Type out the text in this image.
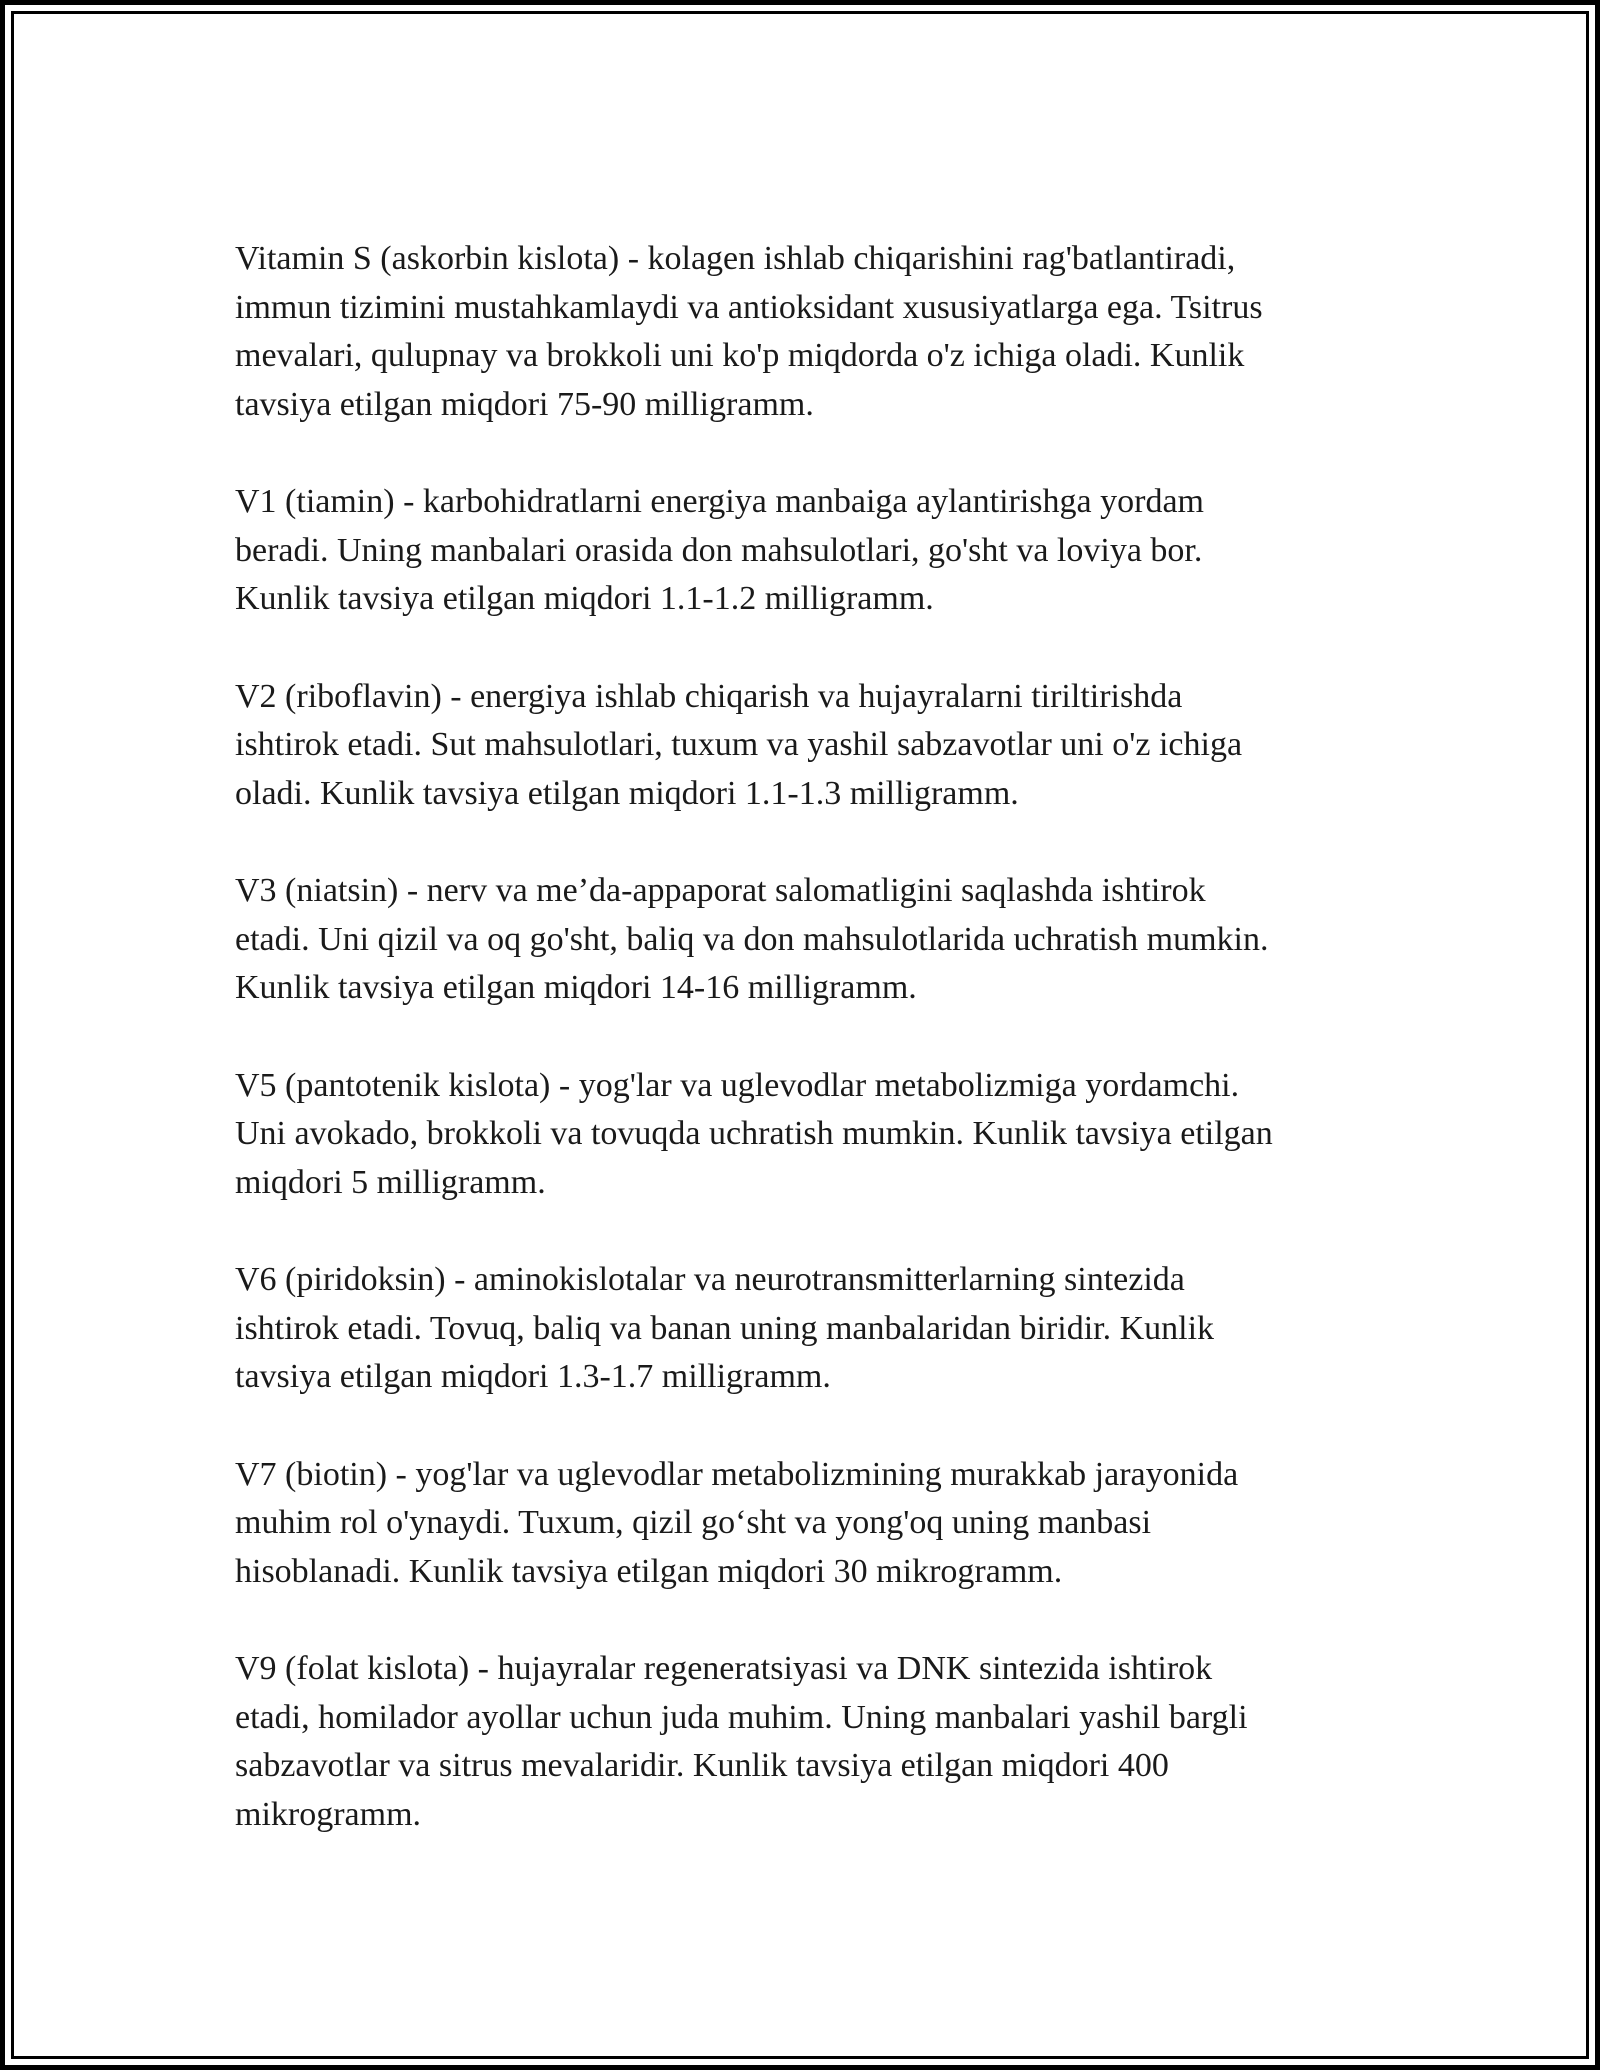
Vitamin S (askorbin kislota) - kolagen ishlab chiqarishini rag'batlantiradi,
immun tizimini mustahkamlaydi va antioksidant xususiyatlarga ega. Tsitrus
mevalari, qulupnay va brokkoli uni ko'p miqdorda o'z ichiga oladi. Kunlik
tavsiya etilgan miqdori 75-90 milligramm.

V1 (tiamin) - karbohidratlarni energiya manbaiga aylantirishga yordam
beradi. Uning manbalari orasida don mahsulotlari, go'sht va loviya bor.
Kunlik tavsiya etilgan miqdori 1.1-1.2 milligramm.

V2 (riboflavin) - energiya ishlab chiqarish va hujayralarni tiriltirishda
ishtirok etadi. Sut mahsulotlari, tuxum va yashil sabzavotlar uni o'z ichiga
oladi. Kunlik tavsiya etilgan miqdori 1.1-1.3 milligramm.

V3 (niatsin) - nerv va me’da-appaporat salomatligini saqlashda ishtirok
etadi. Uni qizil va oq go'sht, baliq va don mahsulotlarida uchratish mumkin.
Kunlik tavsiya etilgan miqdori 14-16 milligramm.

V5 (pantotenik kislota) - yog'lar va uglevodlar metabolizmiga yordamchi.
Uni avokado, brokkoli va tovuqda uchratish mumkin. Kunlik tavsiya etilgan
miqdori 5 milligramm.

V6 (piridoksin) - aminokislotalar va neurotransmitterlarning sintezida
ishtirok etadi. Tovuq, baliq va banan uning manbalaridan biridir. Kunlik
tavsiya etilgan miqdori 1.3-1.7 milligramm.

V7 (biotin) - yog'lar va uglevodlar metabolizmining murakkab jarayonida
muhim rol o'ynaydi. Tuxum, qizil go‘sht va yong'oq uning manbasi
hisoblanadi. Kunlik tavsiya etilgan miqdori 30 mikrogramm.

V9 (folat kislota) - hujayralar regeneratsiyasi va DNK sintezida ishtirok
etadi, homilador ayollar uchun juda muhim. Uning manbalari yashil bargli
sabzavotlar va sitrus mevalaridir. Kunlik tavsiya etilgan miqdori 400
mikrogramm.
